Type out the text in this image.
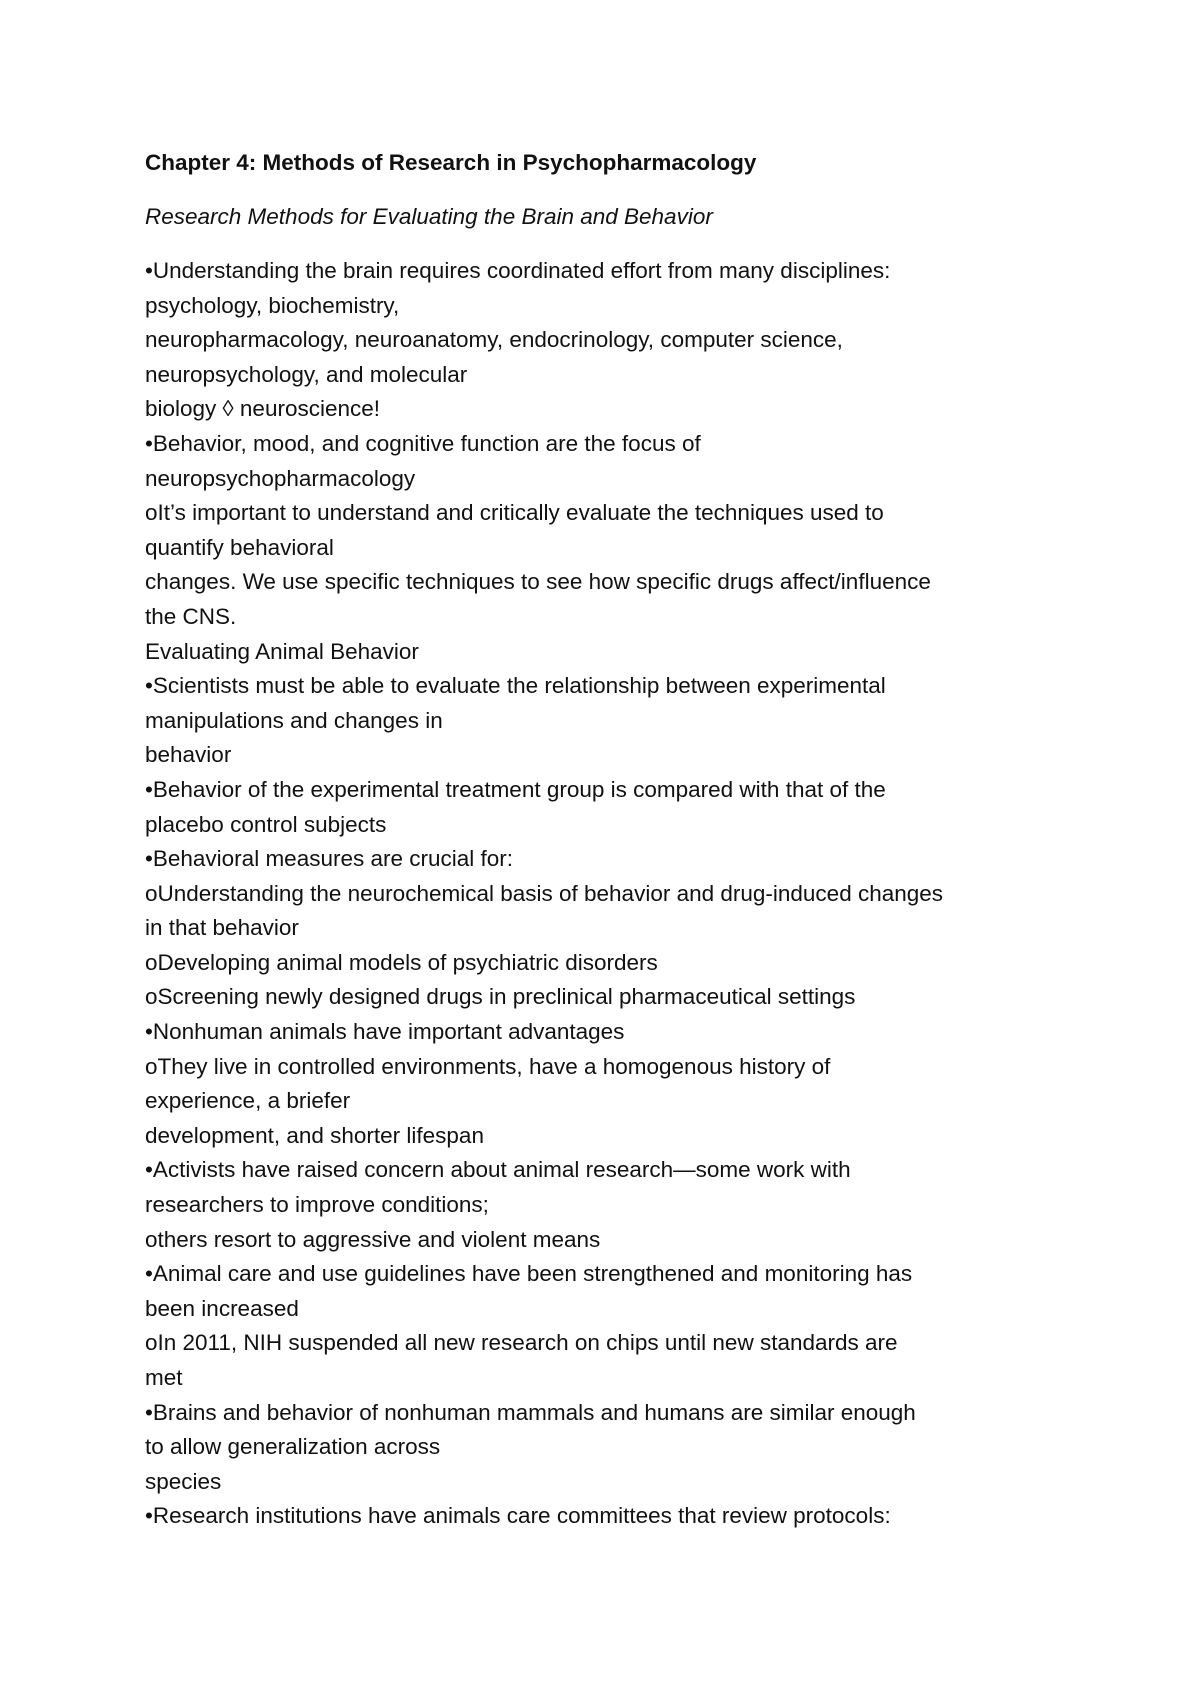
Chapter 4: Methods of Research in Psychopharmacology
Research Methods for Evaluating the Brain and Behavior
•Understanding the brain requires coordinated effort from many disciplines:
psychology, biochemistry,
neuropharmacology, neuroanatomy, endocrinology, computer science,
neuropsychology, and molecular
biology ◊ neuroscience!
•Behavior, mood, and cognitive function are the focus of
neuropsychopharmacology
oIt’s important to understand and critically evaluate the techniques used to
quantify behavioral
changes. We use specific techniques to see how specific drugs affect/influence
the CNS.
Evaluating Animal Behavior
•Scientists must be able to evaluate the relationship between experimental
manipulations and changes in
behavior
•Behavior of the experimental treatment group is compared with that of the
placebo control subjects
•Behavioral measures are crucial for:
oUnderstanding the neurochemical basis of behavior and drug-induced changes
in that behavior
oDeveloping animal models of psychiatric disorders
oScreening newly designed drugs in preclinical pharmaceutical settings
•Nonhuman animals have important advantages
oThey live in controlled environments, have a homogenous history of
experience, a briefer
development, and shorter lifespan
•Activists have raised concern about animal research—some work with
researchers to improve conditions;
others resort to aggressive and violent means
•Animal care and use guidelines have been strengthened and monitoring has
been increased
oIn 2011, NIH suspended all new research on chips until new standards are
met
•Brains and behavior of nonhuman mammals and humans are similar enough
to allow generalization across
species
•Research institutions have animals care committees that review protocols:
